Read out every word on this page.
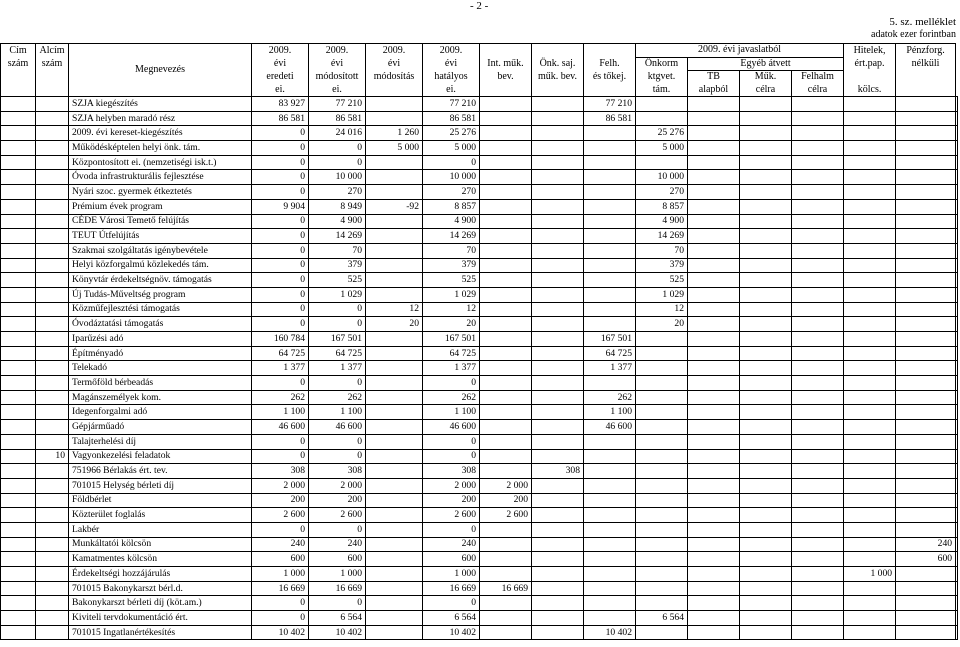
- 2 -
5. sz. melléklet
adatok ezer forintban
Cím	Alcím		2009.	2009.	2009.	2009.				2009. évi javaslatból				Hitelek,	Pénzforg.	
szám	szám	Megnevezés	évi	évi	évi	évi	Int. műk.	Önk. saj.	Felh.	Önkorm	Egyéb átvett			ért.pap.	nélküli	
			eredeti	módosított	módosítás	hatályos	bev.	műk. bev.	és tőkej.	ktgvet.	TB	Műk.	Felhalm			
			ei.	ei.		ei.				tám.	alapból	célra	célra	kölcs.		
		SZJA kiegészítés	83 927	77 210		77 210			77 210							
		SZJA helyben maradó rész	86 581	86 581		86 581			86 581							
		2009. évi kereset-kiegészítés	0	24 016	1 260	25 276				25 276						
		Működésképtelen helyi önk. tám.	0	0	5 000	5 000				5 000						
		Központosított ei. (nemzetiségi isk.t.)	0	0		0										
		Óvoda infrastrukturális fejlesztése	0	10 000		10 000				10 000						
		Nyári szoc. gyermek étkeztetés	0	270		270				270						
		Prémium évek program	9 904	8 949	-92	8 857				8 857						
		CÉDE Városi Temető felújítás	0	4 900		4 900				4 900						
		TEUT Útfelújítás	0	14 269		14 269				14 269						
		Szakmai szolgáltatás igénybevétele	0	70		70				70						
		Helyi közforgalmú közlekedés tám.	0	379		379				379						
		Könyvtár érdekeltségnöv. támogatás	0	525		525				525						
		Új Tudás-Műveltség program	0	1 029		1 029				1 029						
		Közműfejlesztési támogatás	0	0	12	12				12						
		Óvodáztatási támogatás	0	0	20	20				20						
		Iparűzési adó	160 784	167 501		167 501			167 501							
		Építményadó	64 725	64 725		64 725			64 725							
		Telekadó	1 377	1 377		1 377			1 377							
		Termőföld bérbeadás	0	0		0										
		Magánszemélyek kom.	262	262		262			262							
		Idegenforgalmi adó	1 100	1 100		1 100			1 100							
		Gépjárműadó	46 600	46 600		46 600			46 600							
		Talajterhelési díj	0	0		0										
	10	Vagyonkezelési feladatok	0	0		0										
		751966 Bérlakás ért. tev.	308	308		308		308								
		701015 Helység bérleti díj	2 000	2 000		2 000	2 000									
		Földbérlet	200	200		200	200									
		Közterület foglalás	2 600	2 600		2 600	2 600									
		Lakbér	0	0		0										
		Munkáltatói kölcsön	240	240		240									240	
		Kamatmentes kölcsön	600	600		600									600	
		Érdekeltségi hozzájárulás	1 000	1 000		1 000								1 000		
		701015 Bakonykarszt bérl.d.	16 669	16 669		16 669	16 669									
		Bakonykarszt bérleti díj (köt.am.)	0	0		0										
		Kiviteli tervdokumentáció ért.	0	6 564		6 564				6 564						
		701015 Ingatlanértékesítés	10 402	10 402		10 402			10 402							
